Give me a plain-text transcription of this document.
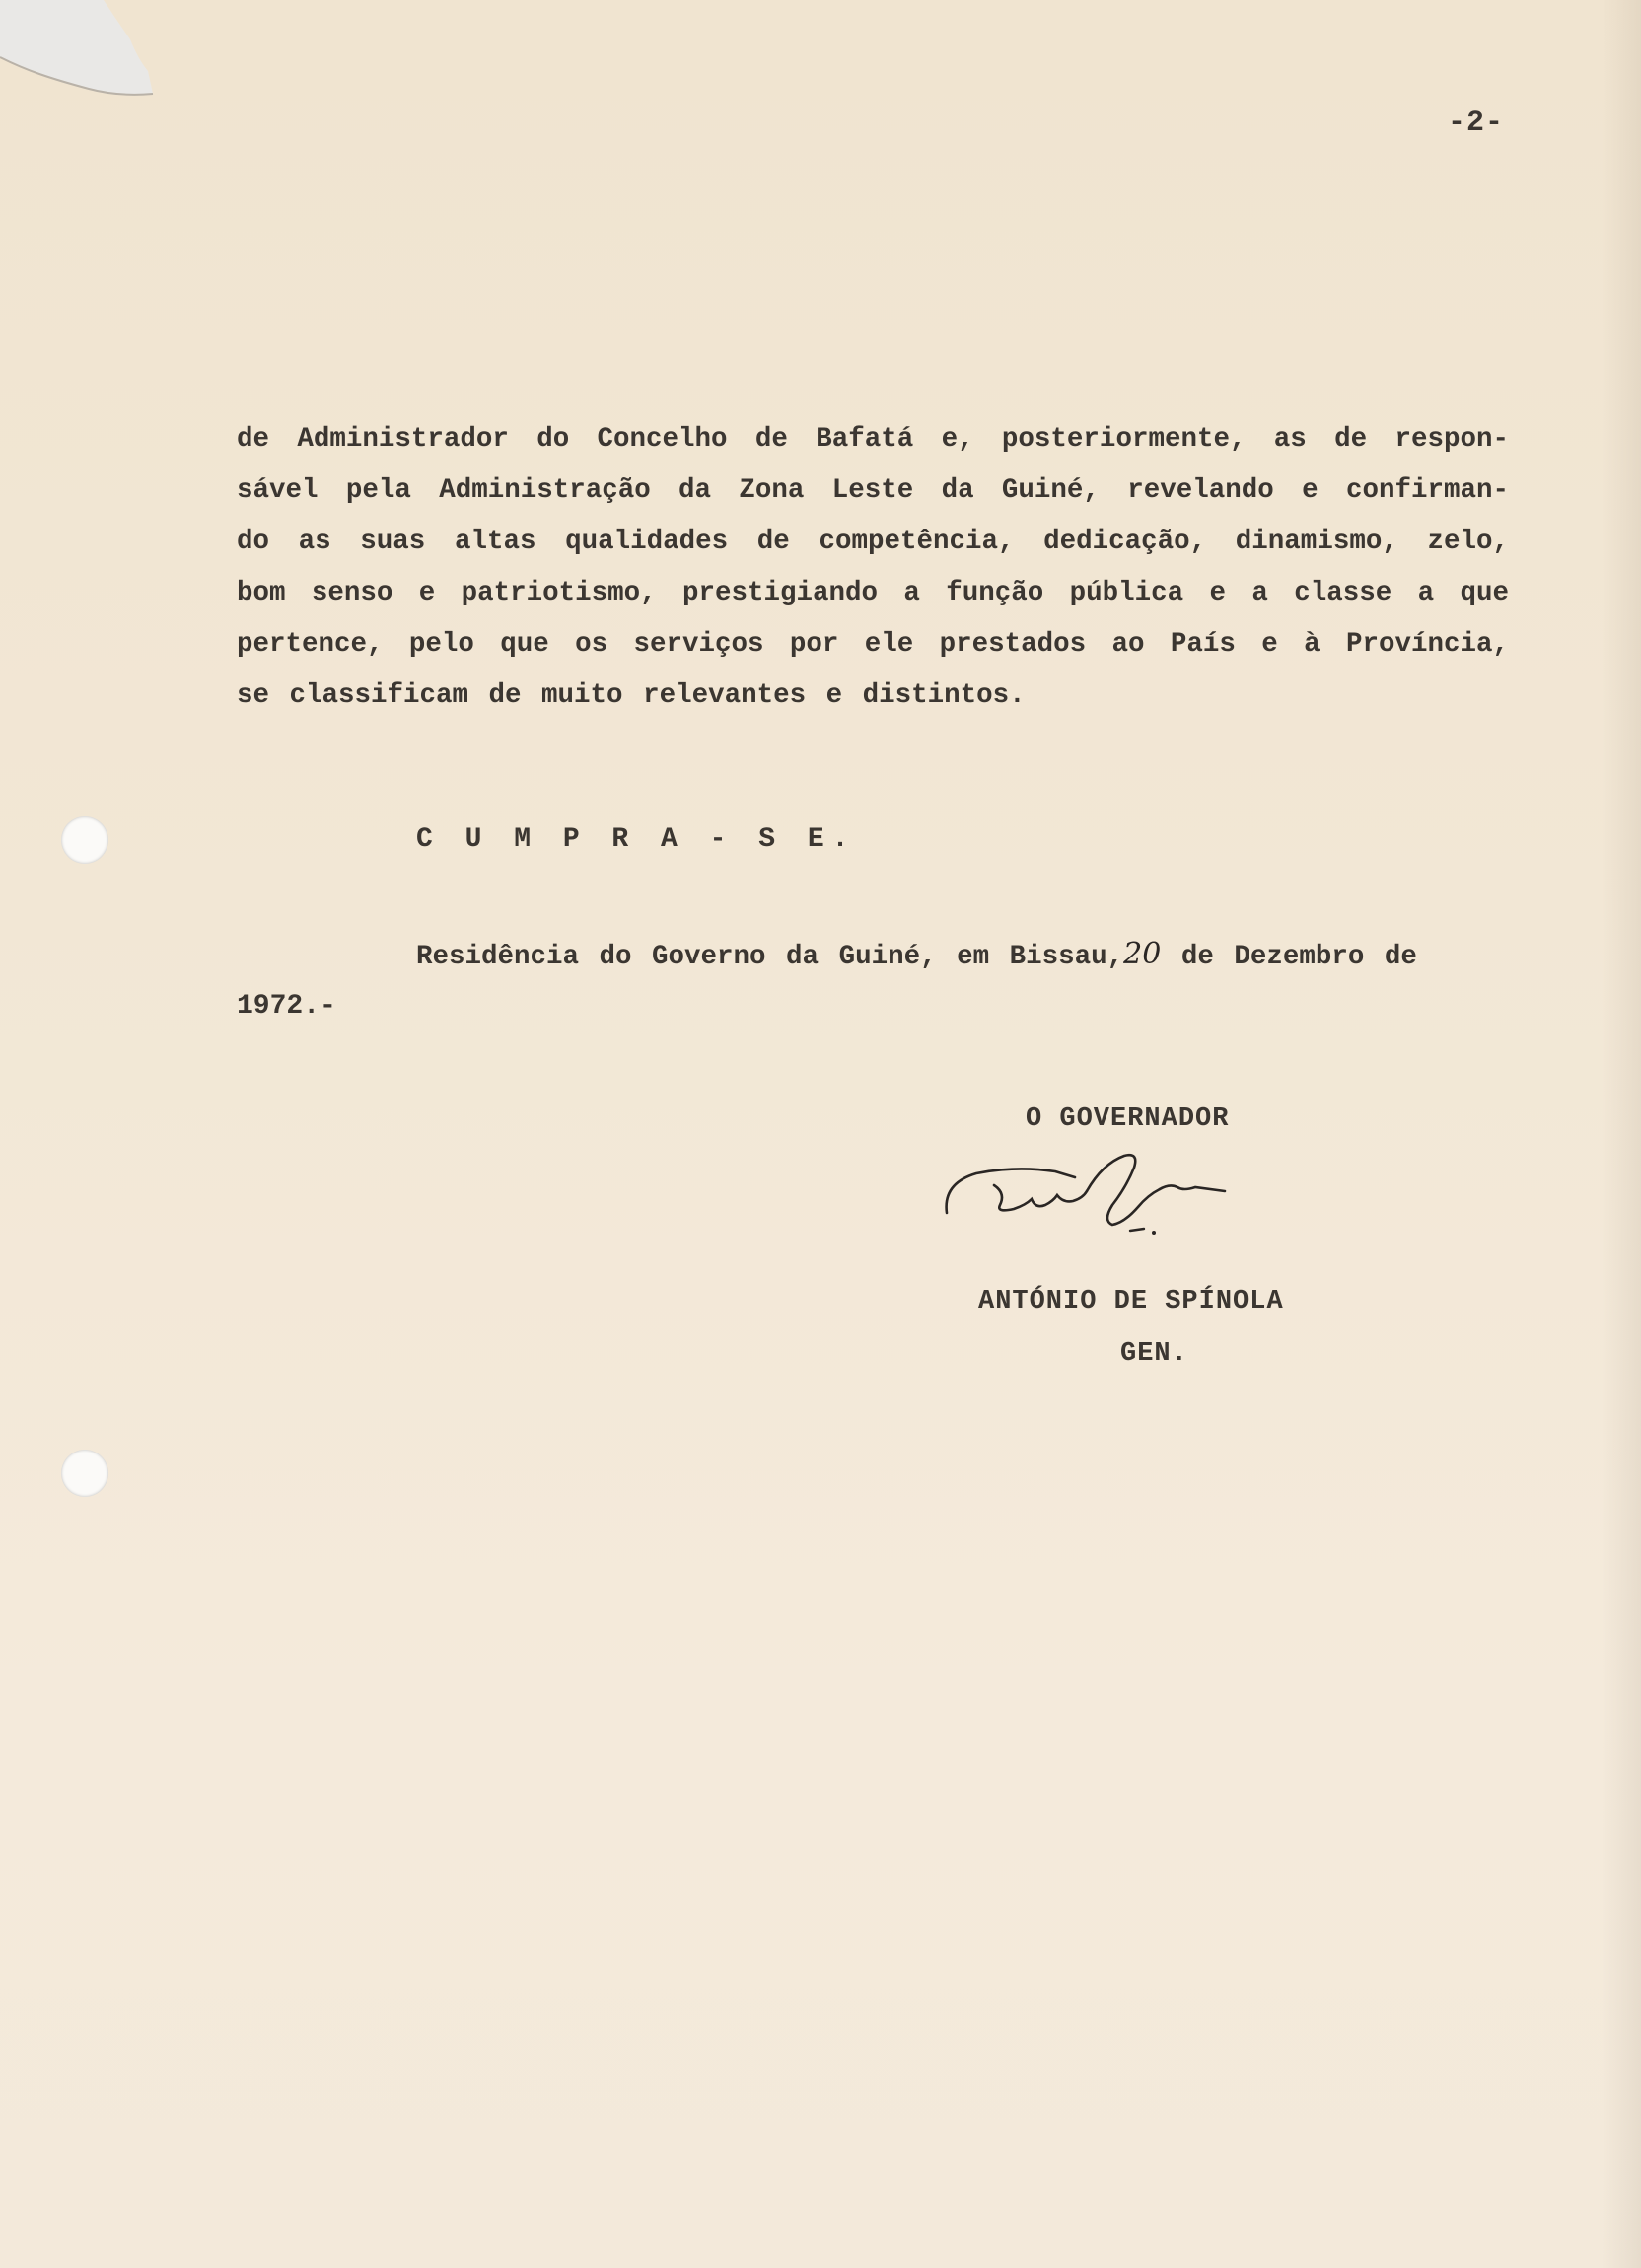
-2-
de Administrador do Concelho de Bafatá e, posteriormente, as de respon-
sável pela Administração da Zona Leste da Guiné, revelando e confirman-
do as suas altas qualidades de competência, dedicação, dinamismo, zelo,
bom senso e patriotismo, prestigiando a função pública e a classe a que
pertence, pelo que os serviços por ele prestados ao País e à Província,
se classificam de muito relevantes e distintos.
C U M P R A - S E.
Residência do Governo da Guiné, em Bissau,20 de Dezembro de
1972.-
O GOVERNADOR
ANTÓNIO DE SPÍNOLA
GEN.
